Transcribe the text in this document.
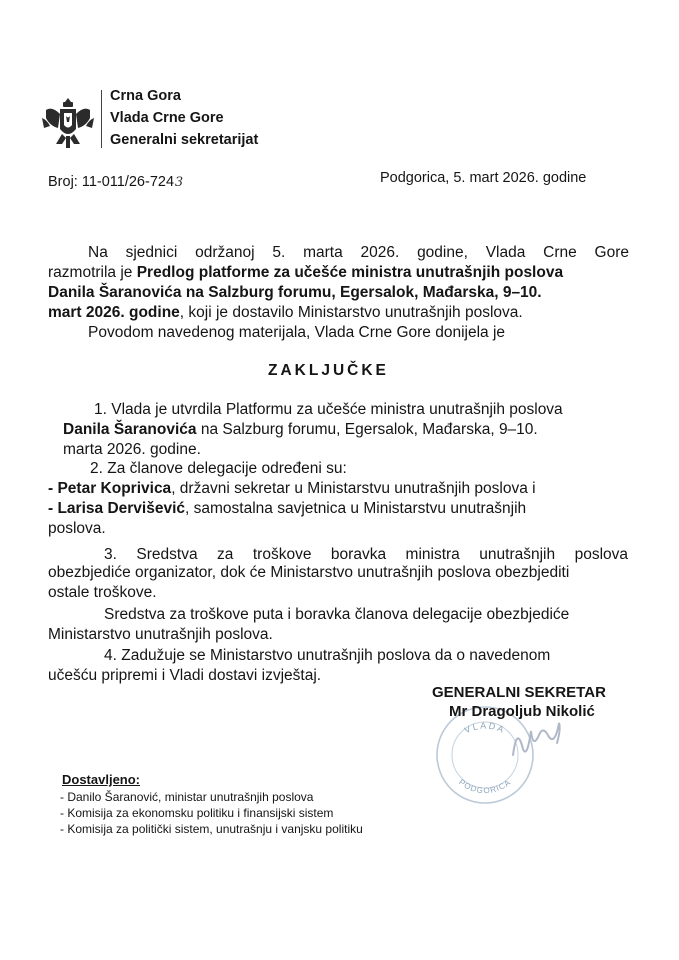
Crna Gora
Vlada Crne Gore
Generalni sekretarijat
Broj: 11-011/26-7243	Podgorica, 5. mart 2026. godine
Na sjednici održanoj 5. marta 2026. godine, Vlada Crne Gore
razmotrila je Predlog platforme za učešće ministra unutrašnjih poslova
Danila Šaranovića na Salzburg forumu, Egersalok, Mađarska, 9–10.
mart 2026. godine, koji je dostavilo Ministarstvo unutrašnjih poslova.
Povodom navedenog materijala, Vlada Crne Gore donijela je
ZAKLJUČKE
1. Vlada je utvrdila Platformu za učešće ministra unutrašnjih poslova
Danila Šaranovića na Salzburg forumu, Egersalok, Mađarska, 9–10.
marta 2026. godine.
2. Za članove delegacije određeni su:
- Petar Koprivica, državni sekretar u Ministarstvu unutrašnjih poslova i
- Larisa Dervišević, samostalna savjetnica u Ministarstvu unutrašnjih
poslova.
3. Sredstva za troškove boravka ministra unutrašnjih poslova
obezbjediće organizator, dok će Ministarstvo unutrašnjih poslova obezbjediti
ostale troškove.
Sredstva za troškove puta i boravka članova delegacije obezbjediće
Ministarstvo unutrašnjih poslova.
4. Zadužuje se Ministarstvo unutrašnjih poslova da o navedenom
učešću pripremi i Vladi dostavi izvještaj.
VLADA
PODGORICA
GENERALNI SEKRETAR
Mr Dragoljub Nikolić
Dostavljeno:
- Danilo Šaranović, ministar unutrašnjih poslova
- Komisija za ekonomsku politiku i finansijski sistem
- Komisija za politički sistem, unutrašnju i vanjsku politiku
